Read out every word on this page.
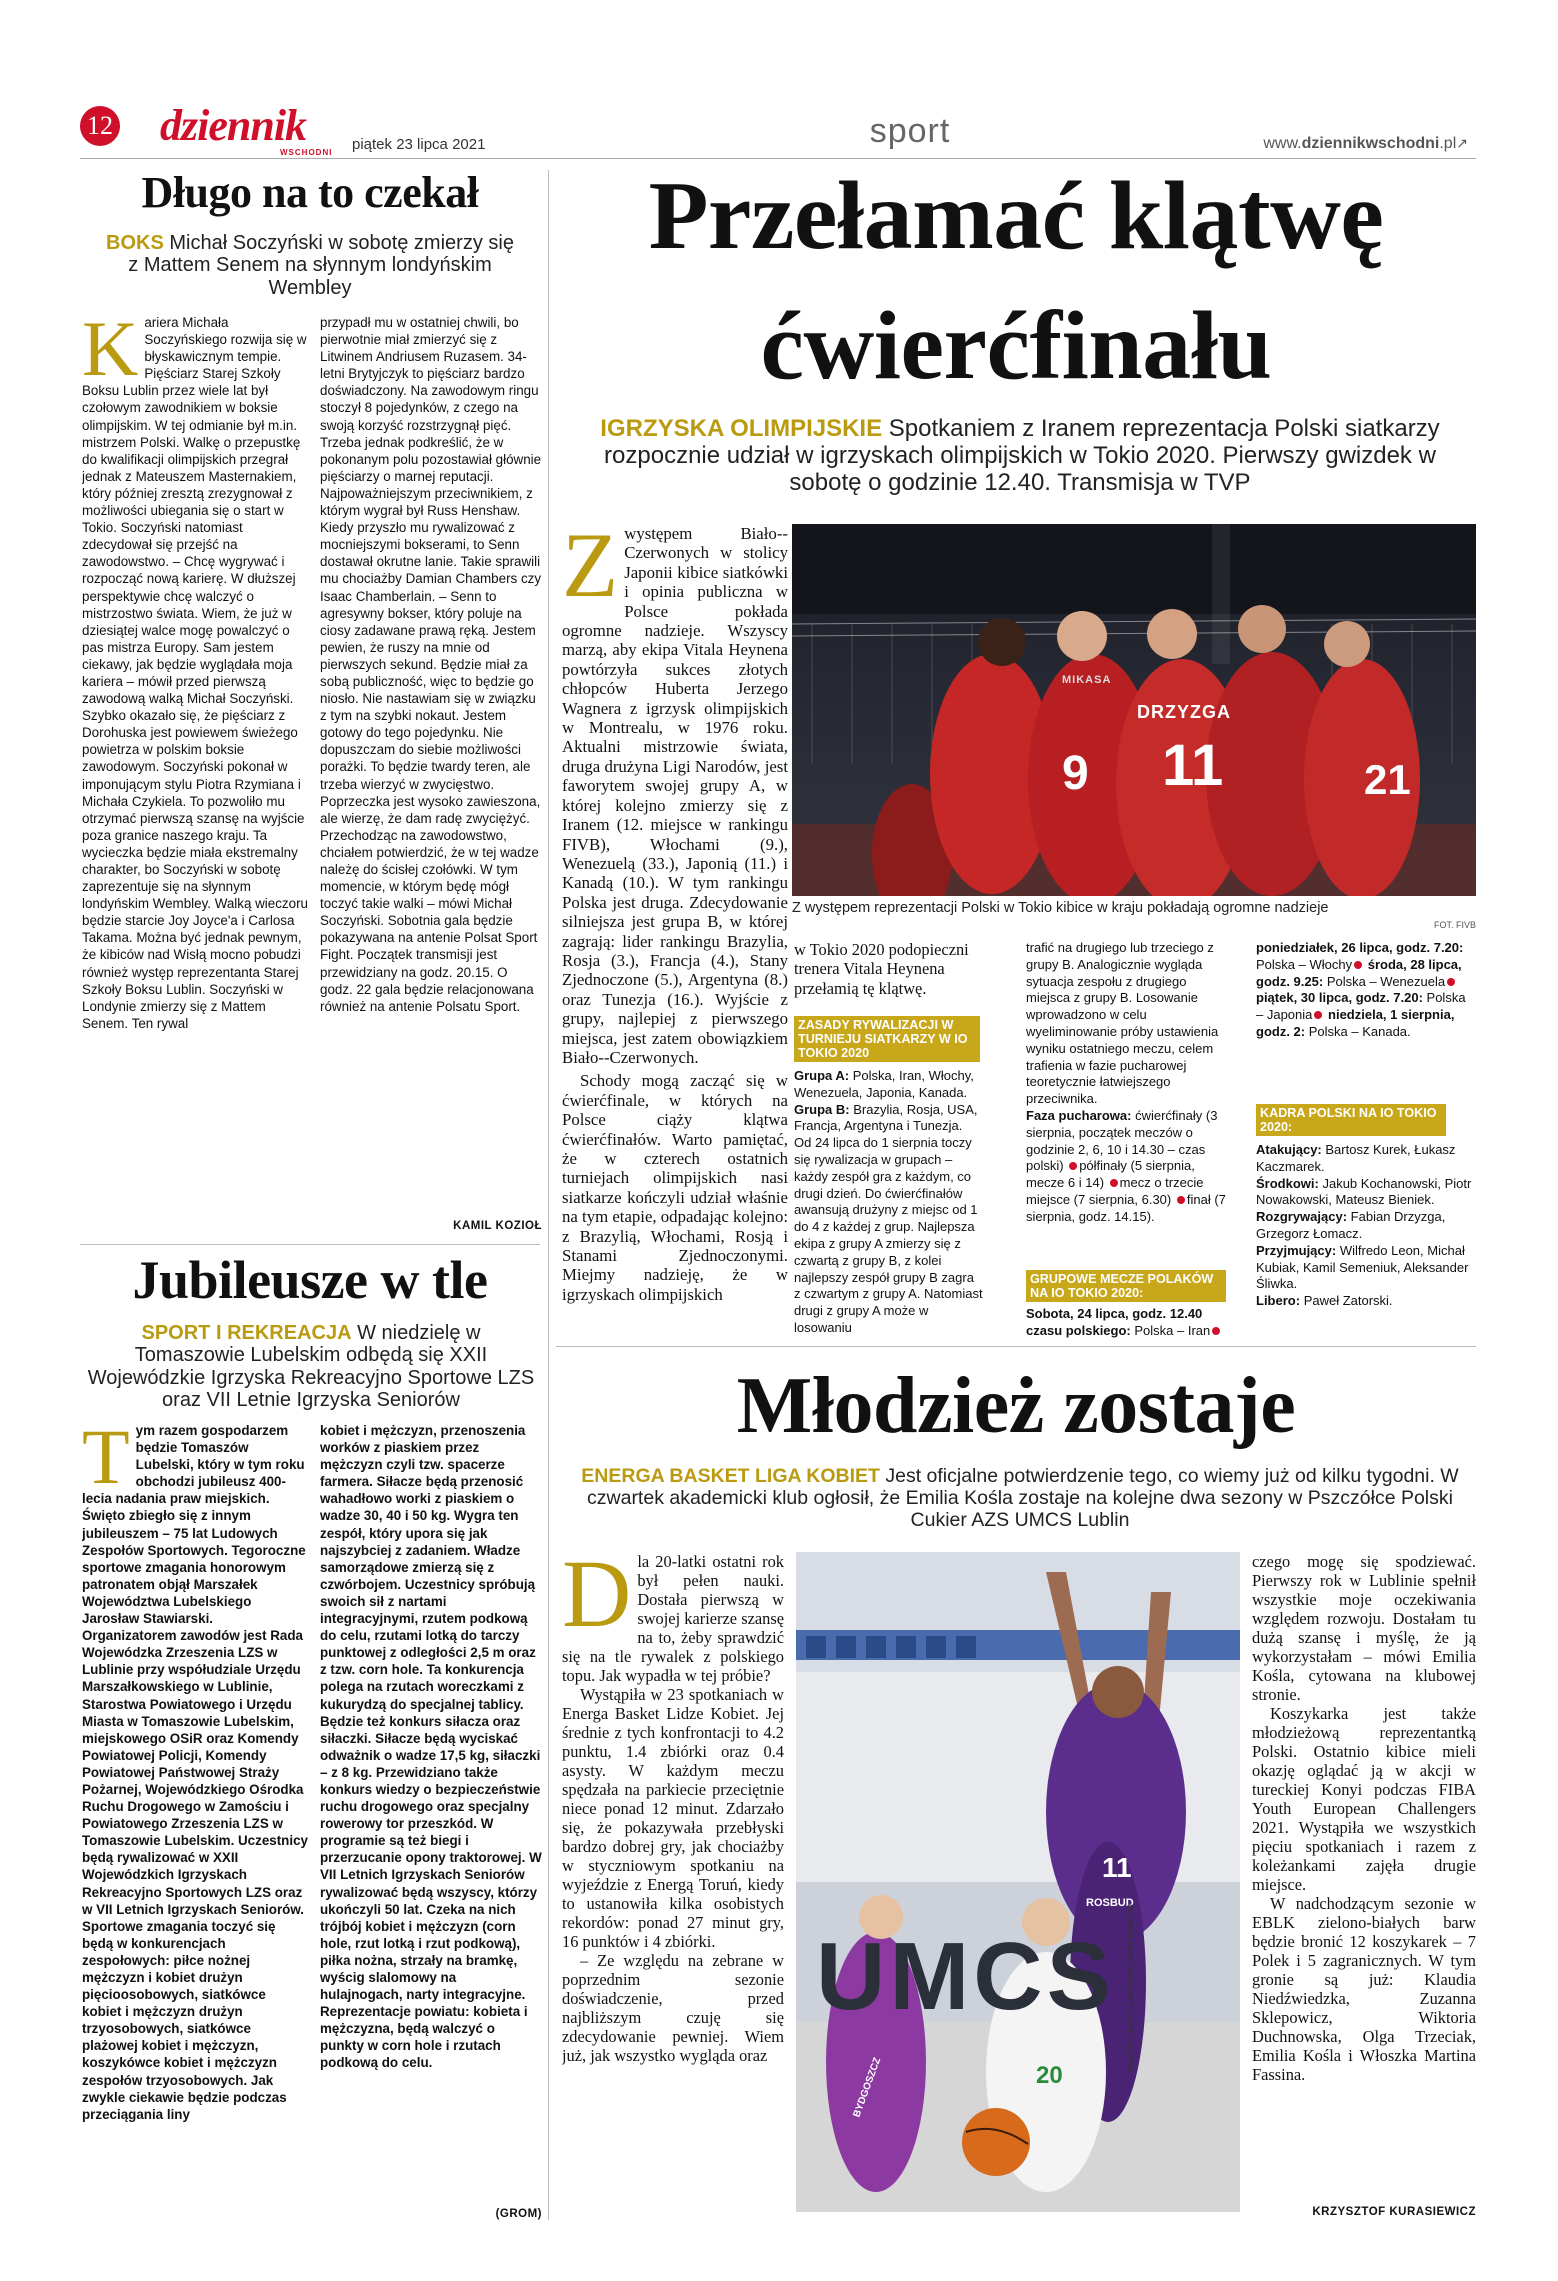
12 dziennik
WSCHODNI piątek 23 lipca 2021	sport	www.dziennikwschodni.pl↗
Długo na to czekał
BOKS Michał Soczyński w sobotę zmierzy się z Mattem Senem na słynnym londyńskim Wembley
Kariera Michała Soczyńskiego rozwija się w błyskawicznym tempie. Pięściarz Starej Szkoły Boksu Lublin przez wiele lat był czołowym zawodnikiem w boksie olimpijskim. W tej odmianie był m.in. mistrzem Polski. Walkę o przepustkę do kwalifikacji olimpijskich przegrał jednak z Mateuszem Masternakiem, który później zresztą zrezygnował z możliwości ubiegania się o start w Tokio. Soczyński natomiast zdecydował się przejść na zawodowstwo. – Chcę wygrywać i rozpocząć nową karierę. W dłuższej perspektywie chcę walczyć o mistrzostwo świata. Wiem, że już w dziesiątej walce mogę powalczyć o pas mistrza Europy. Sam jestem ciekawy, jak będzie wyglądała moja kariera – mówił przed pierwszą zawodową walką Michał Soczyński. Szybko okazało się, że pięściarz z Dorohuska jest powiewem świeżego powietrza w polskim boksie zawodowym. Soczyński pokonał w imponującym stylu Piotra Rzymiana i Michała Czykiela. To pozwoliło mu otrzymać pierwszą szansę na wyjście poza granice naszego kraju. Ta wycieczka będzie miała ekstremalny charakter, bo Soczyński w sobotę zaprezentuje się na słynnym londyńskim Wembley. Walką wieczoru będzie starcie Joy Joyce'a i Carlosa Takama. Można być jednak pewnym, że kibiców nad Wisłą mocno pobudzi również występ reprezentanta Starej Szkoły Boksu Lublin. Soczyński w Londynie zmierzy się z Mattem Senem. Ten rywal
przypadł mu w ostatniej chwili, bo pierwotnie miał zmierzyć się z Litwinem Andriusem Ruzasem. 34-letni Brytyjczyk to pięściarz bardzo doświadczony. Na zawodowym ringu stoczył 8 pojedynków, z czego na swoją korzyść rozstrzygnął pięć. Trzeba jednak podkreślić, że w pokonanym polu pozostawiał głównie pięściarzy o marnej reputacji. Najpoważniejszym przeciwnikiem, z którym wygrał był Russ Henshaw. Kiedy przyszło mu rywalizować z mocniejszymi bokserami, to Senn dostawał okrutne lanie. Takie sprawili mu chociażby Damian Chambers czy Isaac Chamberlain. – Senn to agresywny bokser, który poluje na ciosy zadawane prawą ręką. Jestem pewien, że ruszy na mnie od pierwszych sekund. Będzie miał za sobą publiczność, więc to będzie go niosło. Nie nastawiam się w związku z tym na szybki nokaut. Jestem gotowy do tego pojedynku. Nie dopuszczam do siebie możliwości porażki. To będzie twardy teren, ale trzeba wierzyć w zwycięstwo. Poprzeczka jest wysoko zawieszona, ale wierzę, że dam radę zwyciężyć. Przechodząc na zawodowstwo, chciałem potwierdzić, że w tej wadze należę do ścisłej czołówki. W tym momencie, w którym będę mógł toczyć takie walki – mówi Michał Soczyński. Sobotnia gala będzie pokazywana na antenie Polsat Sport Fight. Początek transmisji jest przewidziany na godz. 20.15. O godz. 22 gala będzie relacjonowana również na antenie Polsatu Sport.
KAMIL KOZIOŁ
Jubileusze w tle
SPORT I REKREACJA W niedzielę w Tomaszowie Lubelskim odbędą się XXII Wojewódzkie Igrzyska Rekreacyjno Sportowe LZS oraz VII Letnie Igrzyska Seniorów
Tym razem gospodarzem będzie Tomaszów Lubelski, który w tym roku obchodzi jubileusz 400-lecia nadania praw miejskich. Święto zbiegło się z innym jubileuszem – 75 lat Ludowych Zespołów Sportowych. Tegoroczne sportowe zmagania honorowym patronatem objął Marszałek Województwa Lubelskiego Jarosław Stawiarski. Organizatorem zawodów jest Rada Wojewódzka Zrzeszenia LZS w Lublinie przy współudziale Urzędu Marszałkowskiego w Lublinie, Starostwa Powiatowego i Urzędu Miasta w Tomaszowie Lubelskim, miejskowego OSiR oraz Komendy Powiatowej Policji, Komendy Powiatowej Państwowej Straży Pożarnej, Wojewódzkiego Ośrodka Ruchu Drogowego w Zamościu i Powiatowego Zrzeszenia LZS w Tomaszowie Lubelskim. Uczestnicy będą rywalizować w XXII Wojewódzkich Igrzyskach Rekreacyjno Sportowych LZS oraz w VII Letnich Igrzyskach Seniorów. Sportowe zmagania toczyć się będą w konkurencjach zespołowych: piłce nożnej mężczyzn i kobiet drużyn pięcioosobowych, siatkówce kobiet i mężczyzn drużyn trzyosobowych, siatkówce plażowej kobiet i mężczyzn, koszykówce kobiet i mężczyzn zespołów trzyosobowych. Jak zwykle ciekawie będzie podczas przeciągania liny
kobiet i mężczyzn, przenoszenia worków z piaskiem przez mężczyzn czyli tzw. spacerze farmera. Siłacze będą przenosić wahadłowo worki z piaskiem o wadze 30, 40 i 50 kg. Wygra ten zespół, który upora się jak najszybciej z zadaniem. Władze samorządowe zmierzą się z czwórbojem. Uczestnicy spróbują swoich sił z nartami integracyjnymi, rzutem podkową do celu, rzutami lotką do tarczy punktowej z odległości 2,5 m oraz z tzw. corn hole. Ta konkurencja polega na rzutach woreczkami z kukurydzą do specjalnej tablicy. Będzie też konkurs siłacza oraz siłaczki. Siłacze będą wyciskać odważnik o wadze 17,5 kg, siłaczki – z 8 kg. Przewidziano także konkurs wiedzy o bezpieczeństwie ruchu drogowego oraz specjalny rowerowy tor przeszkód. W programie są też biegi i przerzucanie opony traktorowej. W VII Letnich Igrzyskach Seniorów rywalizować będą wszyscy, którzy ukończyli 50 lat. Czeka na nich trójbój kobiet i mężczyzn (corn hole, rzut lotką i rzut podkową), piłka nożna, strzały na bramkę, wyścig slalomowy na hulajnogach, narty integracyjne. Reprezentacje powiatu: kobieta i mężczyzna, będą walczyć o punkty w corn hole i rzutach podkową do celu.
(GROM)
Przełamać klątwę
ćwierćfinału
IGRZYSKA OLIMPIJSKIE Spotkaniem z Iranem reprezentacja Polski siatkarzy rozpocznie udział w igrzyskach olimpijskich w Tokio 2020. Pierwszy gwizdek w sobotę o godzinie 12.40. Transmisja w TVP
Zwystępem Biało--Czerwonych w stolicy Japonii kibice siatkówki i opinia publiczna w Polsce pokłada ogromne nadzieje. Wszyscy marzą, aby ekipa Vitala Heynena powtórzyła sukces złotych chłopców Huberta Jerzego Wagnera z igrzysk olimpijskich w Montrealu, w 1976 roku. Aktualni mistrzowie świata, druga drużyna Ligi Narodów, jest faworytem swojej grupy A, w której kolejno zmierzy się z Iranem (12. miejsce w rankingu FIVB), Włochami (9.), Wenezuelą (33.), Japonią (11.) i Kanadą (10.). W tym rankingu Polska jest druga. Zdecydowanie silniejsza jest grupa B, w której zagrają: lider rankingu Brazylia, Rosja (3.), Francja (4.), Stany Zjednoczone (5.), Argentyna (8.) oraz Tunezja (16.). Wyjście z grupy, najlepiej z pierwszego miejsca, jest zatem obowiązkiem Biało--Czerwonych.
Schody mogą zacząć się w ćwierćfinale, w których na Polsce ciąży klątwa ćwierćfinałów. Warto pamiętać, że w czterech ostatnich turniejach olimpijskich nasi siatkarze kończyli udział właśnie na tym etapie, odpadając kolejno: z Brazylią, Włochami, Rosją i Stanami Zjednoczonymi. Miejmy nadzieję, że w igrzyskach olimpijskich
MIKASA
DRZYZGA
11
9	21
Z występem reprezentacji Polski w Tokio kibice w kraju pokładają ogromne nadzieje
FOT. FIVB
w Tokio 2020 podopieczni trenera Vitala Heynena przełamią tę klątwę.
ZASADY RYWALIZACJI W TURNIEJU SIATKARZY W IO TOKIO 2020
Grupa A: Polska, Iran, Włochy, Wenezuela, Japonia, Kanada.
Grupa B: Brazylia, Rosja, USA, Francja, Argentyna i Tunezja.
Od 24 lipca do 1 sierpnia toczy się rywalizacja w grupach – każdy zespół gra z każdym, co drugi dzień. Do ćwierćfinałów awansują drużyny z miejsc od 1 do 4 z każdej z grup. Najlepsza ekipa z grupy A zmierzy się z czwartą z grupy B, z kolei najlepszy zespół grupy B zagra z czwartym z grupy A. Natomiast drugi z grupy A może w losowaniu
trafić na drugiego lub trzeciego z grupy B. Analogicznie wygląda sytuacja zespołu z drugiego miejsca z grupy B. Losowanie wprowadzono w celu wyeliminowanie próby ustawienia wyniku ostatniego meczu, celem trafienia w fazie pucharowej teoretycznie łatwiejszego przeciwnika.
Faza pucharowa: ćwierćfinały (3 sierpnia, początek meczów o godzinie 2, 6, 10 i 14.30 – czas polski) półfinały (5 sierpnia, mecze 6 i 14) mecz o trzecie miejsce (7 sierpnia, 6.30) finał (7 sierpnia, godz. 14.15).
GRUPOWE MECZE POLAKÓW NA IO TOKIO 2020:
Sobota, 24 lipca, godz. 12.40 czasu polskiego: Polska – Iran
poniedziałek, 26 lipca, godz. 7.20: Polska – Włochy środa, 28 lipca, godz. 9.25: Polska – Wenezuela piątek, 30 lipca, godz. 7.20: Polska – Japonia niedziela, 1 sierpnia, godz. 2: Polska – Kanada.
KADRA POLSKI NA IO TOKIO 2020:
Atakujący: Bartosz Kurek, Łukasz Kaczmarek.
Środkowi: Jakub Kochanowski, Piotr Nowakowski, Mateusz Bieniek.
Rozgrywający: Fabian Drzyzga, Grzegorz Łomacz.
Przyjmujący: Wilfredo Leon, Michał Kubiak, Kamil Semeniuk, Aleksander Śliwka.
Libero: Paweł Zatorski.
Młodzież zostaje
ENERGA BASKET LIGA KOBIET Jest oficjalne potwierdzenie tego, co wiemy już od kilku tygodni. W czwartek akademicki klub ogłosił, że Emilia Kośla zostaje na kolejne dwa sezony w Pszczółce Polski Cukier AZS UMCS Lublin
Dla 20-latki ostatni rok był pełen nauki. Dostała pierwszą w swojej karierze szansę na to, żeby sprawdzić się na tle rywalek z polskiego topu. Jak wypadła w tej próbie?
Wystąpiła w 23 spotkaniach w Energa Basket Lidze Kobiet. Jej średnie z tych konfrontacji to 4.2 punktu, 1.4 zbiórki oraz 0.4 asysty. W każdym meczu spędzała na parkiecie przeciętnie niece ponad 12 minut. Zdarzało się, że pokazywała przebłyski bardzo dobrej gry, jak chociażby w styczniowym spotkaniu na wyjeździe z Energą Toruń, kiedy to ustanowiła kilka osobistych rekordów: ponad 27 minut gry, 16 punktów i 4 zbiórki.
– Ze względu na zebrane w poprzednim sezonie doświadczenie, przed najbliższym czuję się zdecydowanie pewniej. Wiem już, jak wszystko wygląda oraz
UMCS
11
20
ROSBUD
BYDGOSZCZ
MACIEJ KACZANOWSKI/ARCHIWUM
czego mogę się spodziewać. Pierwszy rok w Lublinie spełnił wszystkie moje oczekiwania względem rozwoju. Dostałam tu dużą szansę i myślę, że ją wykorzystałam – mówi Emilia Kośla, cytowana na klubowej stronie.
Koszykarka jest także młodzieżową reprezentantką Polski. Ostatnio kibice mieli okazję oglądać ją w akcji w tureckiej Konyi podczas FIBA Youth European Challengers 2021. Wystąpiła we wszystkich pięciu spotkaniach i razem z koleżankami zajęła drugie miejsce.
W nadchodzącym sezonie w EBLK zielono-białych barw będzie bronić 12 koszykarek – 7 Polek i 5 zagranicznych. W tym gronie są już: Klaudia Niedźwiedzka, Zuzanna Sklepowicz, Wiktoria Duchnowska, Olga Trzeciak, Emilia Kośla i Włoszka Martina Fassina.
KRZYSZTOF KURASIEWICZ
